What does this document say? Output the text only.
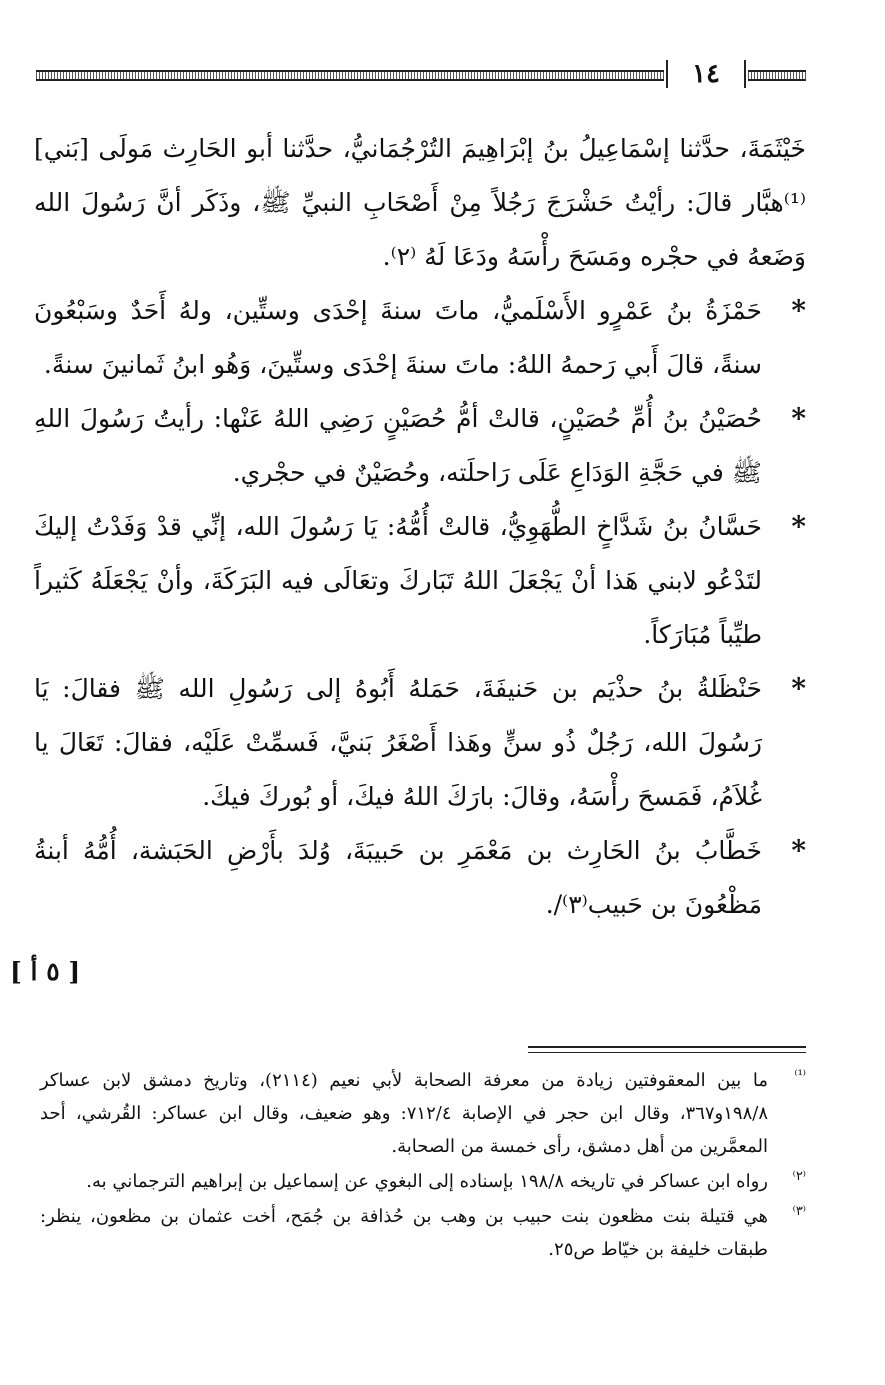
١٤

خَيْثَمَةَ، حدَّثنا إسْمَاعِيلُ بنُ إبْرَاهِيمَ التُرْجُمَانيُّ، حدَّثنا أبو الحَارِث مَولَى [بَني] ⁽¹⁾هبَّار قالَ: رأيْتُ حَشْرَجَ رَجُلاً مِنْ أَصْحَابِ النبيِّ ﷺ، وذَكَر أنَّ رَسُولَ الله وَضَعهُ في حجْره ومَسَحَ رأْسَهُ ودَعَا لَهُ ⁽٢⁾.

*
حَمْزَةُ بنُ عَمْرٍو الأَسْلَميُّ، ماتَ سنةَ إحْدَى وستِّين، ولهُ أَحَدٌ وسَبْعُونَ سنةً، قالَ أَبي رَحمهُ اللهُ: ماتَ سنةَ إحْدَى وستِّينَ، وَهُو ابنُ ثَمانينَ سنةً.
*
حُصَيْنُ بنُ أُمِّ حُصَيْنٍ، قالتْ أمُّ حُصَيْنٍ رَضِي اللهُ عَنْها: رأيتُ رَسُولَ اللهِ ﷺ في حَجَّةِ الوَدَاعِ عَلَى رَاحلَته، وحُصَيْنٌ في حجْري.
*
حَسَّانُ بنُ شَدَّاخٍ الطُّهَوِيُّ، قالتْ أُمُّهُ: يَا رَسُولَ الله، إنِّي قدْ وَفَدْتُ إليكَ لتَدْعُو لابني هَذا أنْ يَجْعَلَ اللهُ تَبَاركَ وتعَالَى فيه البَرَكَةَ، وأنْ يَجْعَلَهُ كَثيراً طيِّباً مُبَارَكاً.
*
حَنْظَلةُ بنُ حذْيَم بن حَنيفَةَ، حَمَلهُ أَبُوهُ إلى رَسُولِ الله ﷺ فقالَ: يَا رَسُولَ الله، رَجُلٌ ذُو سنٍّ وهَذا أَصْغَرُ بَنيَّ، فَسمِّتْ عَلَيْه، فقالَ: تَعَالَ يا غُلاَمُ، فَمَسحَ رأْسَهُ، وقالَ: بارَكَ اللهُ فيكَ، أو بُوركَ فيكَ.
*
خَطَّابُ بنُ الحَارِث بن مَعْمَرِ بن حَبيبَةَ، وُلدَ بأَرْضِ الحَبَشة، أُمُّهُ أبنةُ مَظْعُونَ بن حَبيب⁽٣⁾/.
[ ٥ أ ]

⁽¹⁾
ما بين المعقوفتين زيادة من معرفة الصحابة لأبي نعيم (٢١١٤)، وتاريخ دمشق لابن عساكر ١٩٨/٨و٣٦٧، وقال ابن حجر في الإصابة ٧١٢/٤: وهو ضعيف، وقال ابن عساكر: القُرشي، أحد المعمَّرين من أهل دمشق، رأى خمسة من الصحابة.

⁽٢⁾
رواه ابن عساكر في تاريخه ١٩٨/٨ بإسناده إلى البغوي عن إسماعيل بن إبراهيم الترجماني به.

⁽٣⁾
هي قتيلة بنت مظعون بنت حبيب بن وهب بن حُذافة بن جُمَح، أخت عثمان بن مظعون، ينظر: طبقات خليفة بن خيّاط ص٢٥.
